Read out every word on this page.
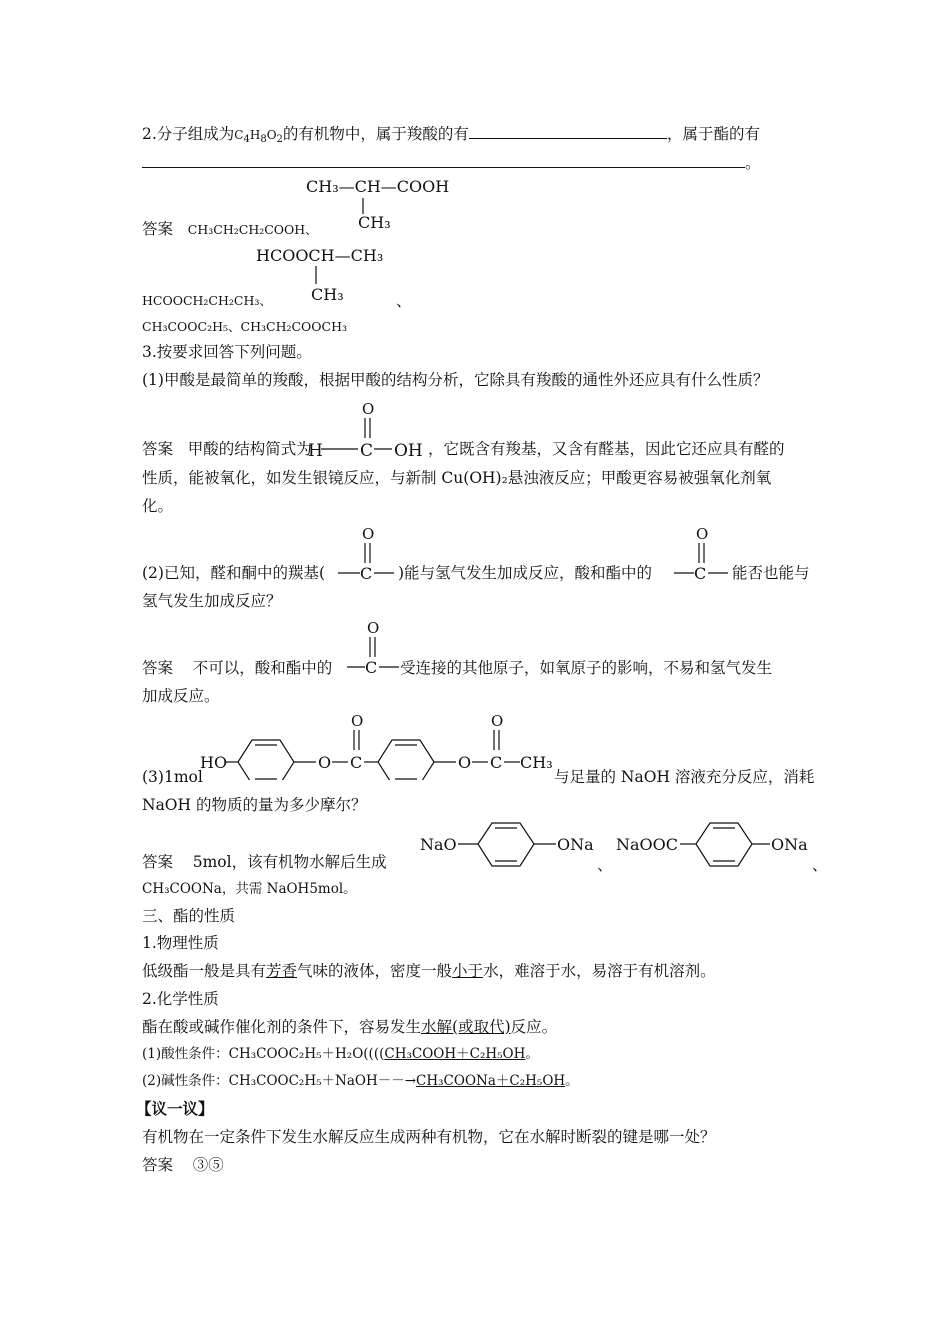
2.分子组成为$C_4H_8O_2$的有机物中，属于羧酸的有	，属于酯的有
。
CH₃—CH—COOH
CH₃
答案 CH₃CH₂CH₂COOH、
HCOOCH—CH₃
CH₃
HCOOCH₂CH₂CH₃、	、
CH₃COOC₂H₅、CH₃CH₂COOCH₃
3.按要求回答下列问题。
(1)甲酸是最简单的羧酸，根据甲酸的结构分析，它除具有羧酸的通性外还应具有什么性质？
答案 甲酸的结构简式为
O
H C OH ，它既含有羧基，又含有醛基，因此它还应具有醛的
性质，能被氧化，如发生银镜反应，与新制 Cu(OH)₂悬浊液反应；甲酸更容易被强氧化剂氧
化。
(2)已知，醛和酮中的羰基(
O
C )能与氢气发生加成反应，酸和酯中的
O
C 能否也能与
氢气发生加成反应？
答案 不可以，酸和酯中的
O
C 受连接的其他原子，如氧原子的影响，不易和氢气发生
加成反应。
(3)1mol
HO	O C
O
O C
O
CH₃
与足量的 NaOH 溶液充分反应，消耗
NaOH 的物质的量为多少摩尔？
答案 5mol，该有机物水解后生成
NaO	ONa
、
NaOOC	ONa
、
CH₃COONa，共需 NaOH5mol。
三、酯的性质
1.物理性质
低级酯一般是具有芳香气味的液体，密度一般小于水，难溶于水，易溶于有机溶剂。
2.化学性质
酯在酸或碱作催化剂的条件下，容易发生水解(或取代)反应。
(1)酸性条件：CH₃COOC₂H₅＋H₂O((((CH₃COOH＋C₂H₅OH。
(2)碱性条件：CH₃COOC₂H₅＋NaOH－－→CH₃COONa＋C₂H₅OH。
【议一议】
有机物在一定条件下发生水解反应生成两种有机物，它在水解时断裂的键是哪一处？
答案 ③⑤
